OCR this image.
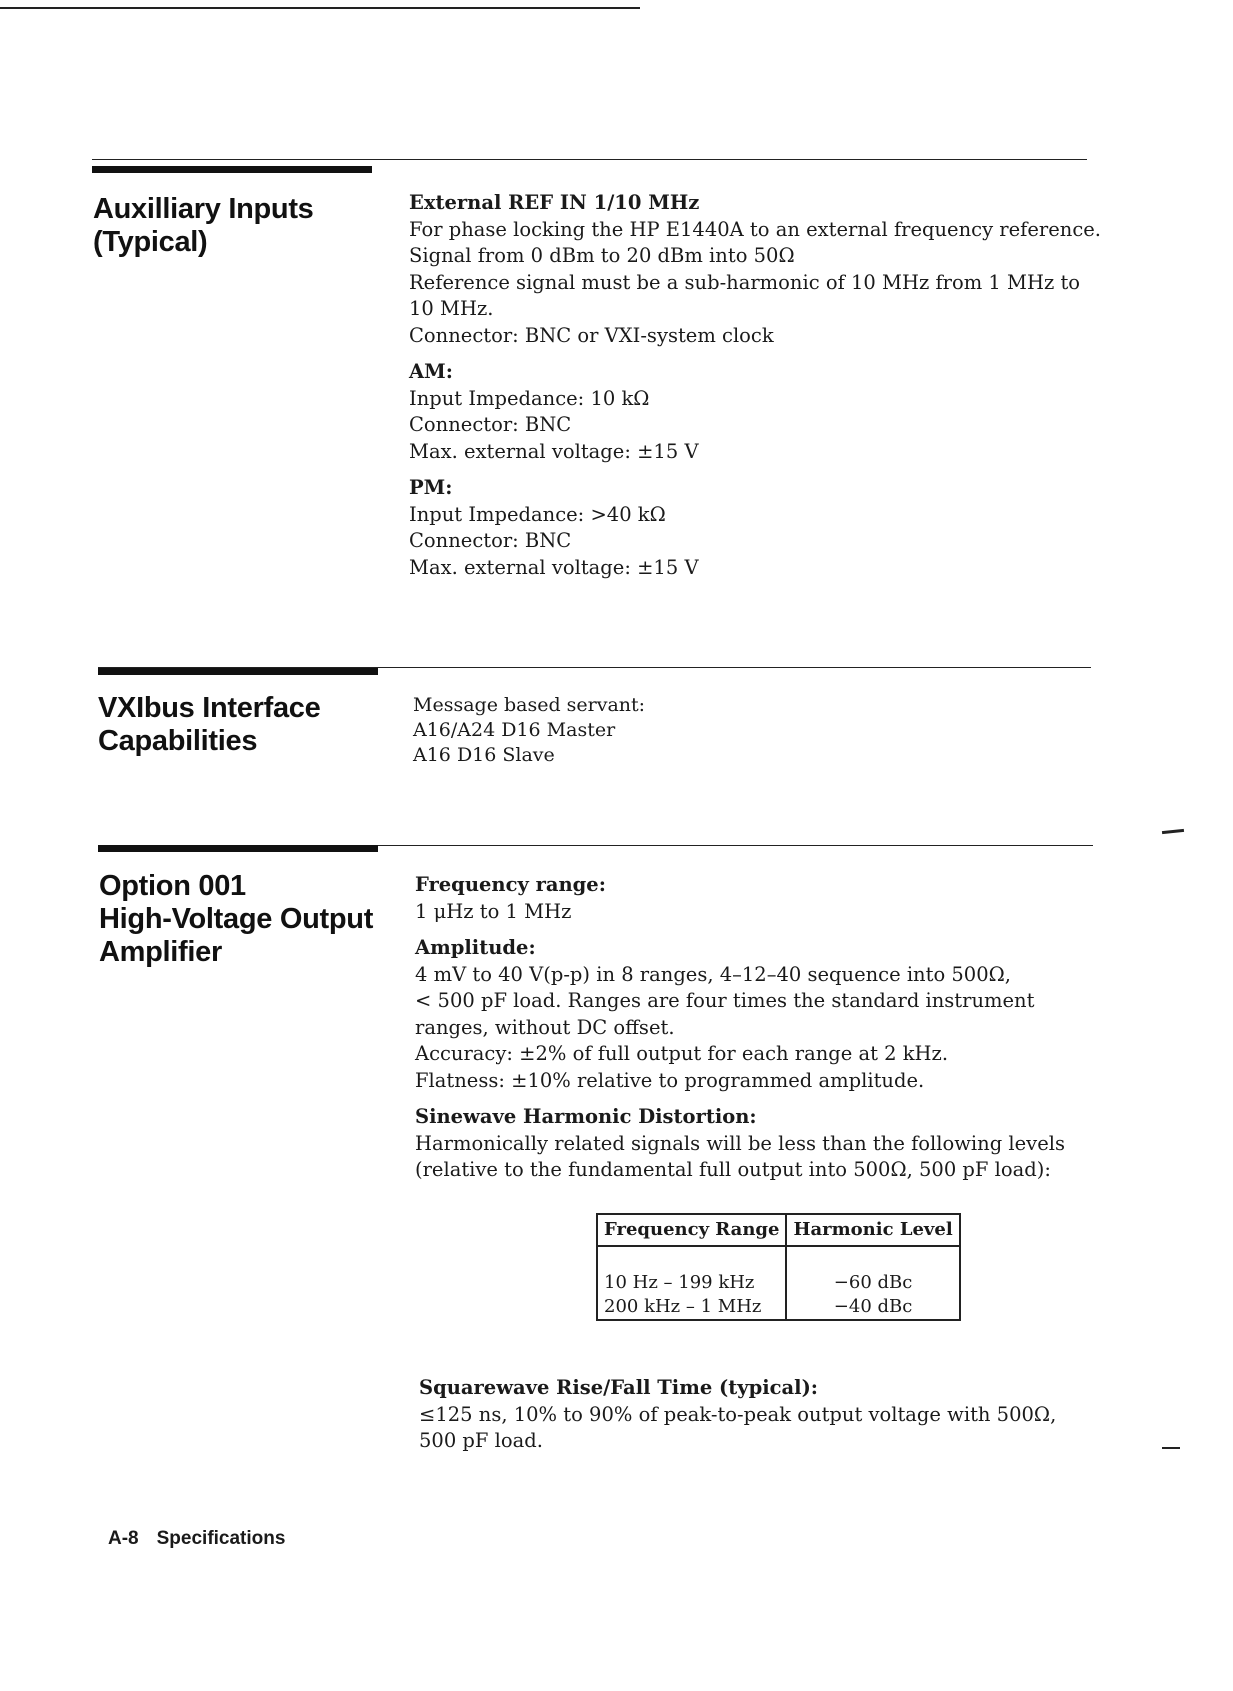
Auxilliary Inputs
(Typical)
External REF IN 1/10 MHz
For phase locking the HP E1440A to an external frequency reference.
Signal from 0 dBm to 20 dBm into 50Ω
Reference signal must be a sub-harmonic of 10 MHz from 1 MHz to
10 MHz.
Connector: BNC or VXI-system clock
AM:
Input Impedance: 10 kΩ
Connector: BNC
Max. external voltage: ±15 V
PM:
Input Impedance: >40 kΩ
Connector: BNC
Max. external voltage: ±15 V
VXIbus Interface
Capabilities
Message based servant:
A16/A24 D16 Master
A16 D16 Slave
Option 001
High-Voltage Output
Amplifier
Frequency range:
1 μHz to 1 MHz
Amplitude:
4 mV to 40 V(p-p) in 8 ranges, 4–12–40 sequence into 500Ω,
< 500 pF load. Ranges are four times the standard instrument
ranges, without DC offset.
Accuracy: ±2% of full output for each range at 2 kHz.
Flatness: ±10% relative to programmed amplitude.
Sinewave Harmonic Distortion:
Harmonically related signals will be less than the following levels
(relative to the fundamental full output into 500Ω, 500 pF load):
Frequency Range	Harmonic Level

10 Hz – 199 kHz	−60 dBc
200 kHz – 1 MHz	−40 dBc
Squarewave Rise/Fall Time (typical):
≤125 ns, 10% to 90% of peak-to-peak output voltage with 500Ω,
500 pF load.
A-8 Specifications
